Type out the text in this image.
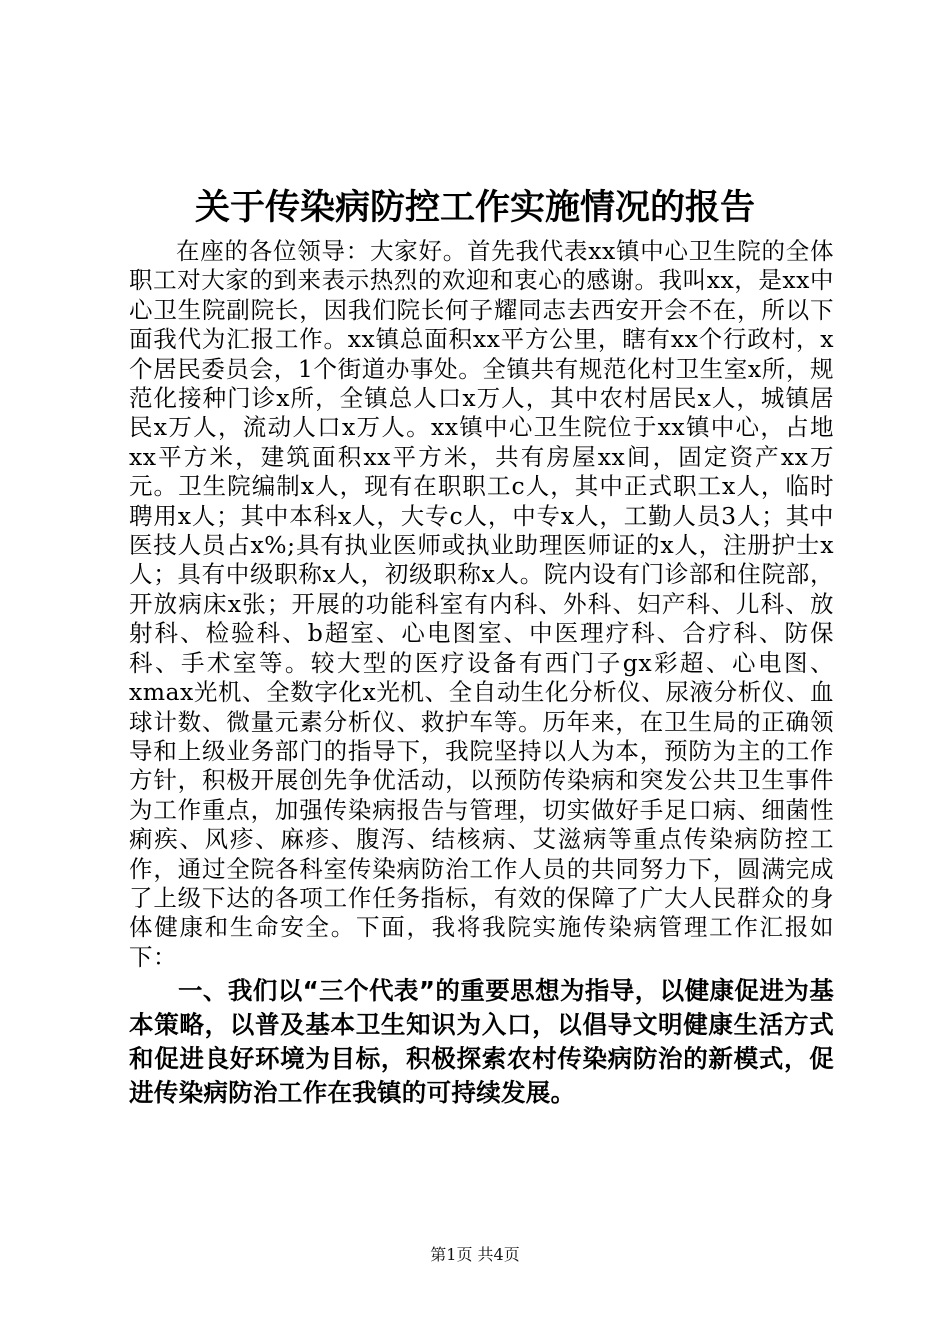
关于传染病防控工作实施情况的报告

在座的各位领导：大家好。首先我代表xx镇中心卫生院的全体职工对大家的到来表示热烈的欢迎和衷心的感谢。我叫xx，是xx中心卫生院副院长，因我们院长何子耀同志去西安开会不在，所以下面我代为汇报工作。xx镇总面积xx平方公里，瞎有xx个行政村，x个居民委员会，1个街道办事处。全镇共有规范化村卫生室x所，规范化接种门诊x所，全镇总人口x万人，其中农村居民x人，城镇居民x万人，流动人口x万人。xx镇中心卫生院位于xx镇中心，占地xx平方米，建筑面积xx平方米，共有房屋xx间，固定资产xx万元。卫生院编制x人，现有在职职工c人，其中正式职工x人，临时聘用x人；其中本科x人，大专c人，中专x人，工勤人员3人；其中医技人员占x%;具有执业医师或执业助理医师证的x人，注册护士x人；具有中级职称x人，初级职称x人。院内设有门诊部和住院部，开放病床x张；开展的功能科室有内科、外科、妇产科、儿科、放射科、检验科、b超室、心电图室、中医理疗科、合疗科、防保科、手术室等。较大型的医疗设备有西门子gx彩超、心电图、xmax光机、全数字化x光机、全自动生化分析仪、尿液分析仪、血球计数、微量元素分析仪、救护车等。历年来，在卫生局的正确领导和上级业务部门的指导下，我院坚持以人为本，预防为主的工作方针，积极开展创先争优活动，以预防传染病和突发公共卫生事件为工作重点，加强传染病报告与管理，切实做好手足口病、细菌性痢疾、风疹、麻疹、腹泻、结核病、艾滋病等重点传染病防控工作，通过全院各科室传染病防治工作人员的共同努力下，圆满完成了上级下达的各项工作任务指标，有效的保障了广大人民群众的身体健康和生命安全。下面，我将我院实施传染病管理工作汇报如下：

一、我们以“三个代表”的重要思想为指导，以健康促进为基本策略，以普及基本卫生知识为入口，以倡导文明健康生活方式和促进良好环境为目标，积极探索农村传染病防治的新模式，促进传染病防治工作在我镇的可持续发展。

第1页 共4页
